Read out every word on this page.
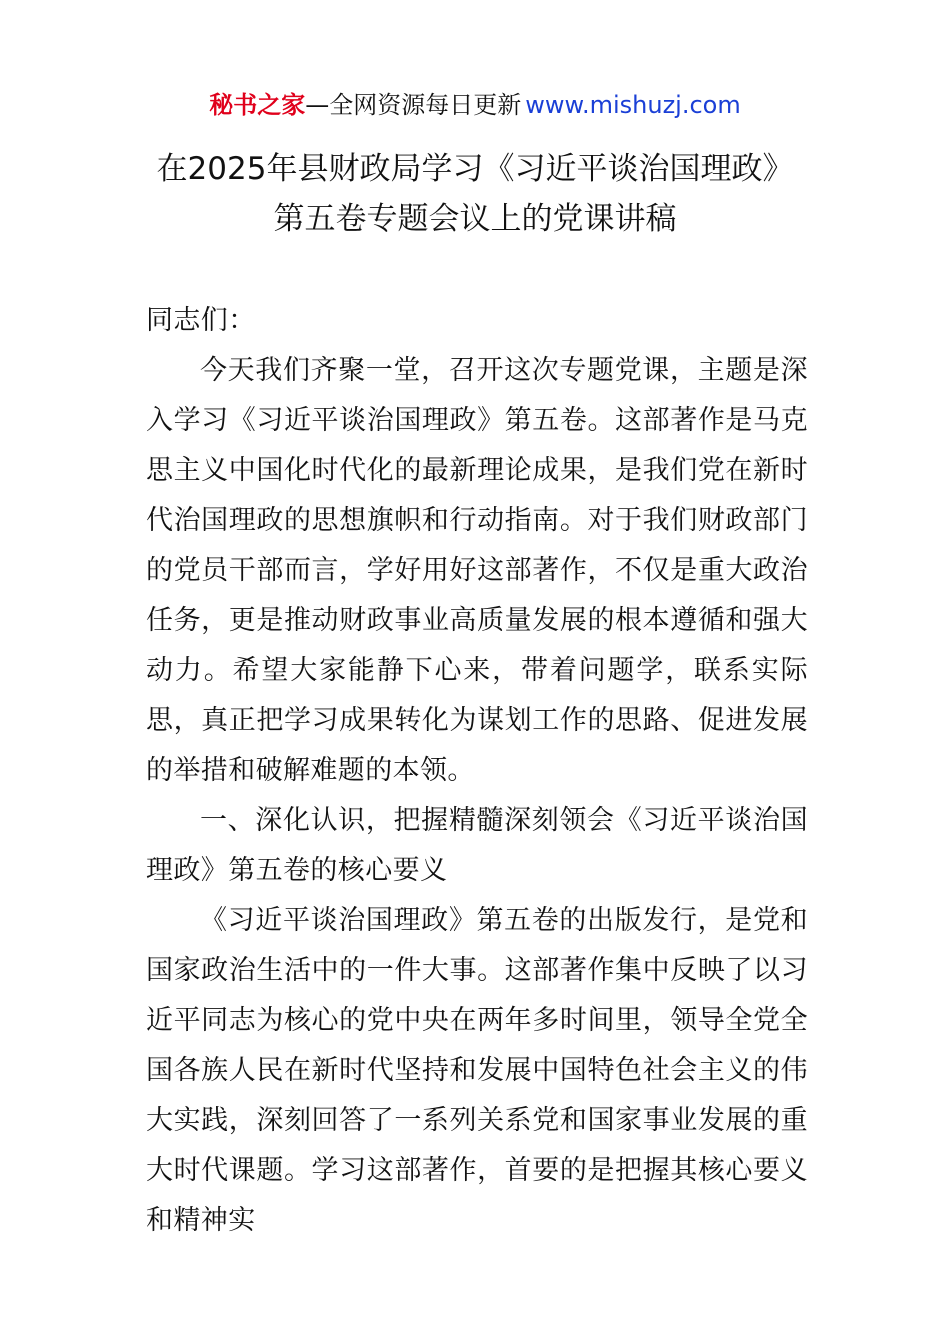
秘书之家—全网资源每日更新 www.mishuzj.com
在2025年县财政局学习《习近平谈治国理政》
第五卷专题会议上的党课讲稿

同志们：

今天我们齐聚一堂，召开这次专题党课，主题是深入学习《习近平谈治国理政》第五卷。这部著作是马克思主义中国化时代化的最新理论成果，是我们党在新时代治国理政的思想旗帜和行动指南。对于我们财政部门的党员干部而言，学好用好这部著作，不仅是重大政治任务，更是推动财政事业高质量发展的根本遵循和强大动力。希望大家能静下心来，带着问题学，联系实际思，真正把学习成果转化为谋划工作的思路、促进发展的举措和破解难题的本领。

一、深化认识，把握精髓深刻领会《习近平谈治国理政》第五卷的核心要义

《习近平谈治国理政》第五卷的出版发行，是党和国家政治生活中的一件大事。这部著作集中反映了以习近平同志为核心的党中央在两年多时间里，领导全党全国各族人民在新时代坚持和发展中国特色社会主义的伟大实践，深刻回答了一系列关系党和国家事业发展的重大时代课题。学习这部著作，首要的是把握其核心要义和精神实
